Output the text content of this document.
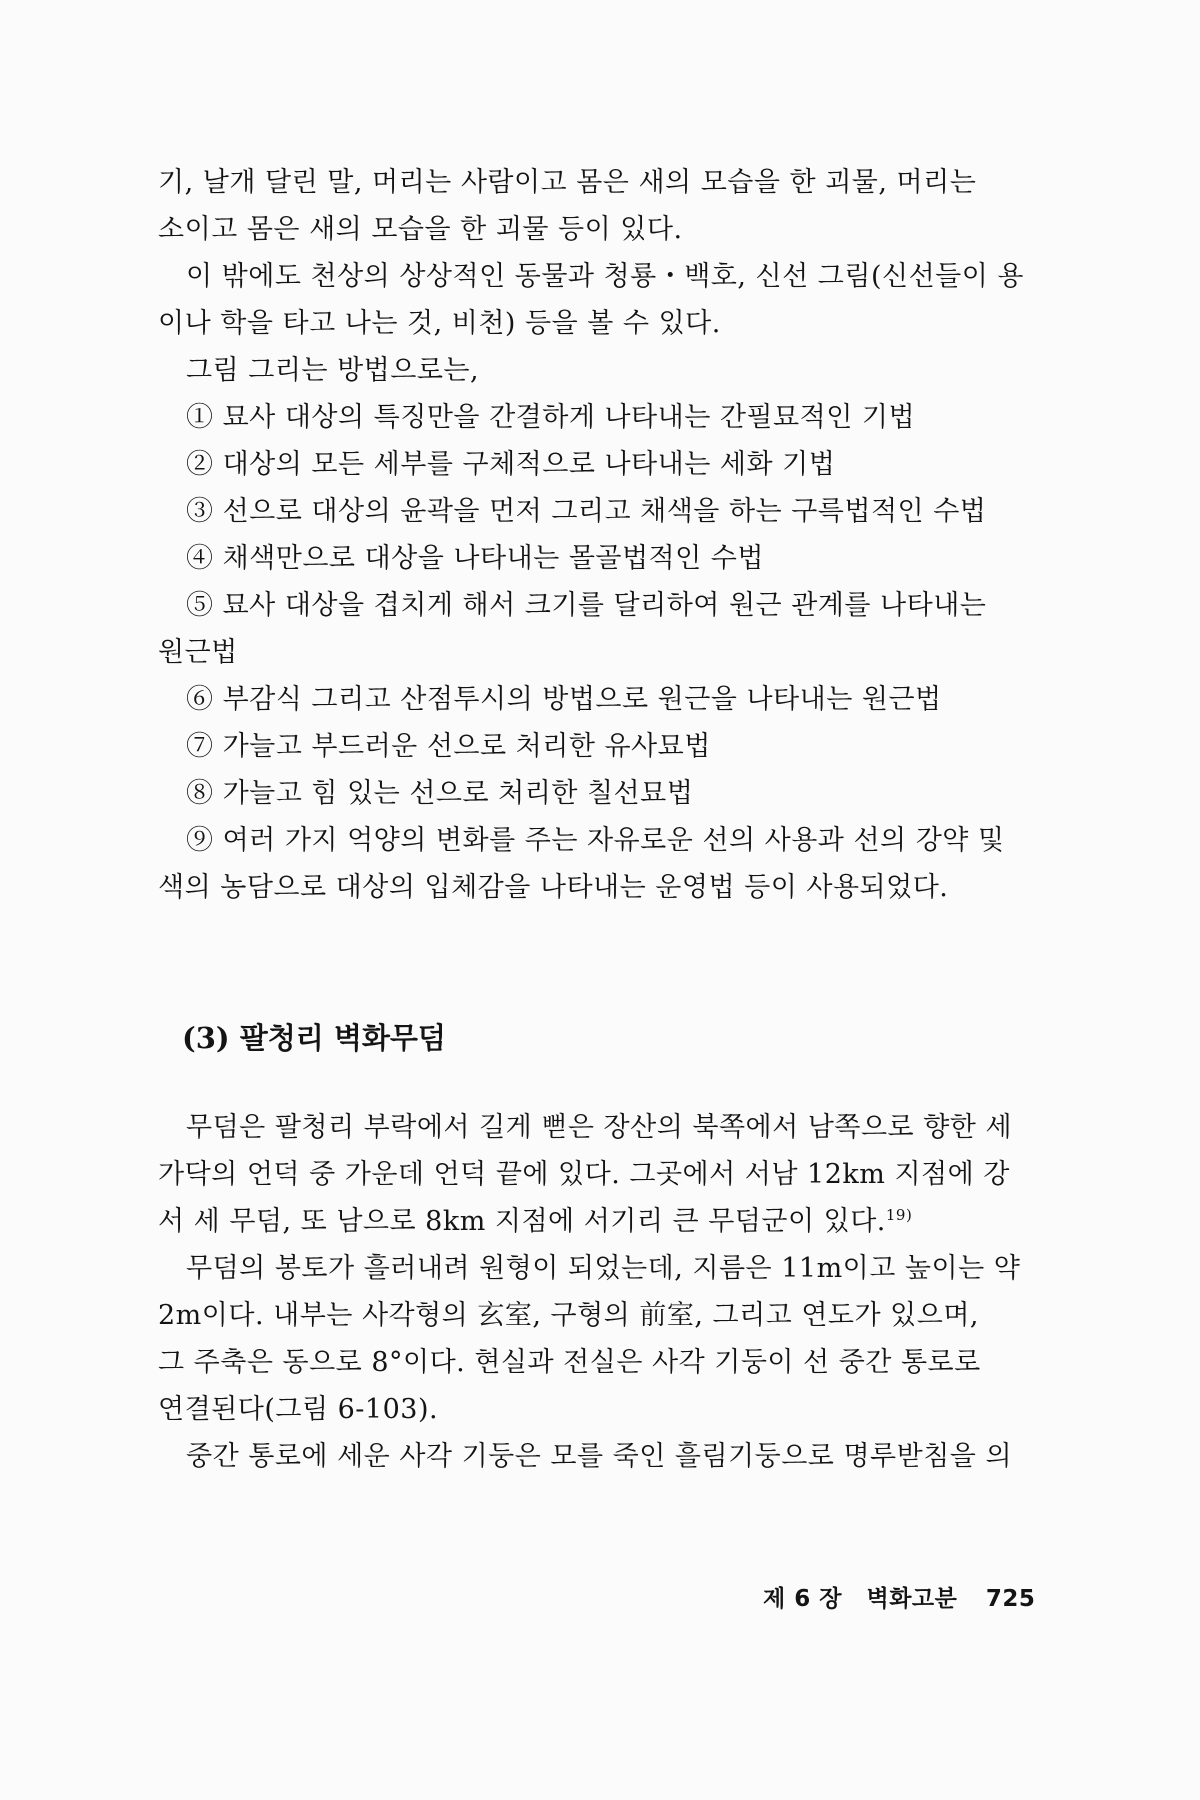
기, 날개 달린 말, 머리는 사람이고 몸은 새의 모습을 한 괴물, 머리는

소이고 몸은 새의 모습을 한 괴물 등이 있다.

이 밖에도 천상의 상상적인 동물과 청룡・백호, 신선 그림(신선들이 용

이나 학을 타고 나는 것, 비천) 등을 볼 수 있다.

그림 그리는 방법으로는,

① 묘사 대상의 특징만을 간결하게 나타내는 간필묘적인 기법

② 대상의 모든 세부를 구체적으로 나타내는 세화 기법

③ 선으로 대상의 윤곽을 먼저 그리고 채색을 하는 구륵법적인 수법

④ 채색만으로 대상을 나타내는 몰골법적인 수법

⑤ 묘사 대상을 겹치게 해서 크기를 달리하여 원근 관계를 나타내는

원근법

⑥ 부감식 그리고 산점투시의 방법으로 원근을 나타내는 원근법

⑦ 가늘고 부드러운 선으로 처리한 유사묘법

⑧ 가늘고 힘 있는 선으로 처리한 칠선묘법

⑨ 여러 가지 억양의 변화를 주는 자유로운 선의 사용과 선의 강약 및

색의 농담으로 대상의 입체감을 나타내는 운영법 등이 사용되었다.

(3) 팔청리 벽화무덤

무덤은 팔청리 부락에서 길게 뻗은 장산의 북쪽에서 남쪽으로 향한 세

가닥의 언덕 중 가운데 언덕 끝에 있다. 그곳에서 서남 12km 지점에 강

서 세 무덤, 또 남으로 8km 지점에 서기리 큰 무덤군이 있다.$^{19)}$

무덤의 봉토가 흘러내려 원형이 되었는데, 지름은 11m이고 높이는 약

2m이다. 내부는 사각형의 玄室, 구형의 前室, 그리고 연도가 있으며,

그 주축은 동으로 8°이다. 현실과 전실은 사각 기둥이 선 중간 통로로

연결된다(그림 6-103).

중간 통로에 세운 사각 기둥은 모를 죽인 흘림기둥으로 명루받침을 의

제 6 장 벽화고분 725
